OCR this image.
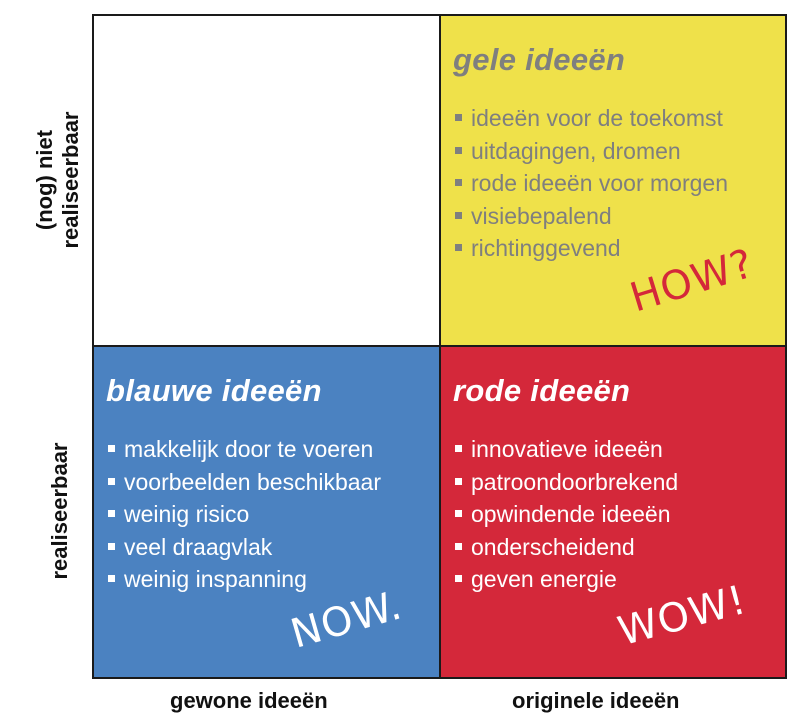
gele ideeën
ideeën voor de toekomst
uitdagingen, dromen
rode ideeën voor morgen
visiebepalend
richtinggevend HOW?
blauwe ideeën
makkelijk door te voeren
voorbeelden beschikbaar
weinig risico
veel draagvlak
weinig inspanning
NOW.
rode ideeën
innovatieve ideeën
patroondoorbrekend
opwindende ideeën
onderscheidend
geven energie
WOW!
(nog) niet realiseerbaar
realiseerbaar
gewone ideeën	originele ideeën
